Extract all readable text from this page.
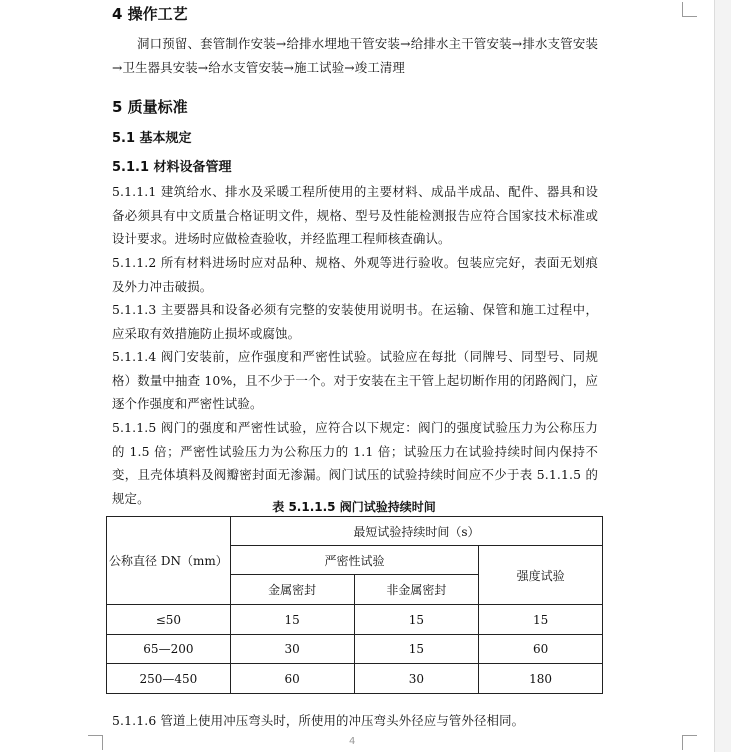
4 操作工艺
洞口预留、套管制作安装→给排水埋地干管安装→给排水主干管安装→排水支管安装→卫生器具安装→给水支管安装→施工试验→竣工清理
5 质量标准
5.1 基本规定
5.1.1 材料设备管理
5.1.1.1 建筑给水、排水及采暖工程所使用的主要材料、成品半成品、配件、器具和设备必须具有中文质量合格证明文件，规格、型号及性能检测报告应符合国家技术标准或设计要求。进场时应做检查验收，并经监理工程师核查确认。
5.1.1.2 所有材料进场时应对品种、规格、外观等进行验收。包装应完好，表面无划痕及外力冲击破损。
5.1.1.3 主要器具和设备必须有完整的安装使用说明书。在运输、保管和施工过程中，应采取有效措施防止损坏或腐蚀。
5.1.1.4 阀门安装前，应作强度和严密性试验。试验应在每批（同牌号、同型号、同规格）数量中抽查 10%，且不少于一个。对于安装在主干管上起切断作用的闭路阀门，应逐个作强度和严密性试验。
5.1.1.5 阀门的强度和严密性试验，应符合以下规定：阀门的强度试验压力为公称压力的 1.5 倍；严密性试验压力为公称压力的 1.1 倍；试验压力在试验持续时间内保持不变，且壳体填料及阀瓣密封面无渗漏。阀门试压的试验持续时间应不少于表 5.1.1.5 的规定。
表 5.1.1.5 阀门试验持续时间
公称直径 DN（mm）	最短试验持续时间（s）		
	严密性试验		强度试验
	金属密封	非金属密封	
≤50	15	15	15
65—200	30	15	60
250—450	60	30	180
5.1.1.6 管道上使用冲压弯头时，所使用的冲压弯头外径应与管外径相同。
4
